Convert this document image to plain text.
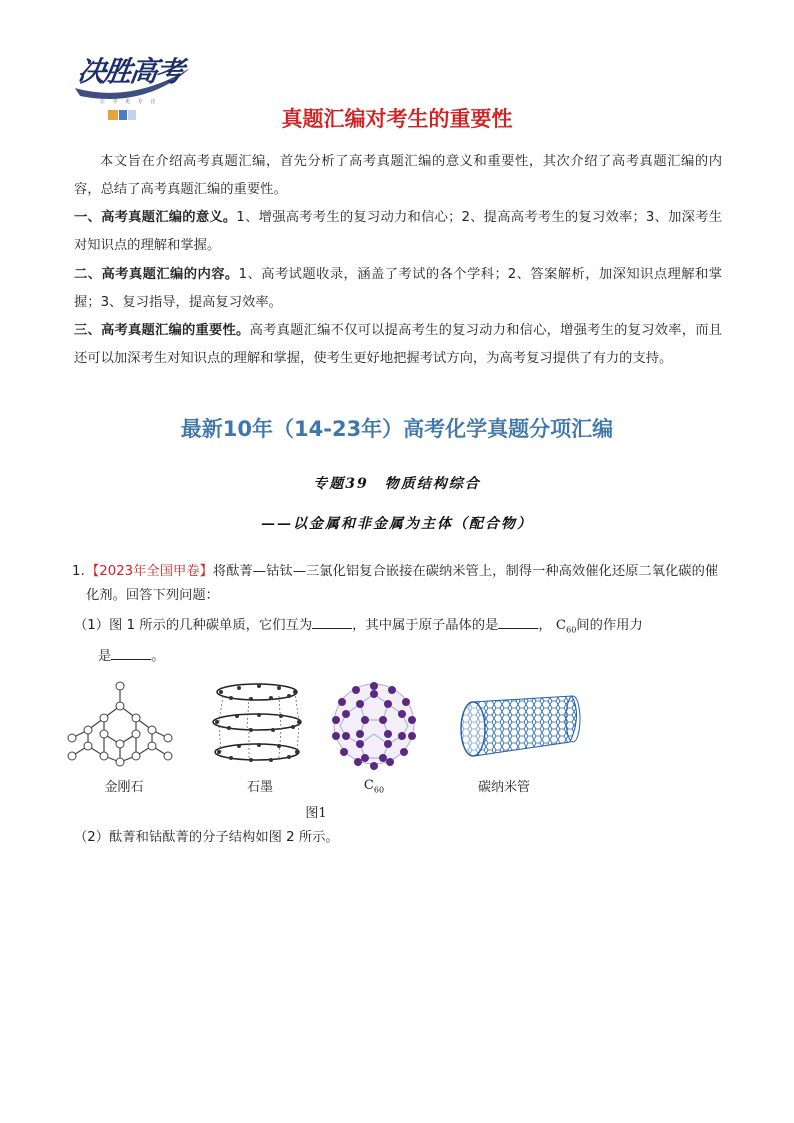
决胜高考
让 学 更 专 注
真题汇编对考生的重要性
本文旨在介绍高考真题汇编，首先分析了高考真题汇编的意义和重要性，其次介绍了高考真题汇编的内容，总结了高考真题汇编的重要性。
一、高考真题汇编的意义。1、增强高考考生的复习动力和信心；2、提高高考考生的复习效率；3、加深考生对知识点的理解和掌握。
二、高考真题汇编的内容。1、高考试题收录，涵盖了考试的各个学科；2、答案解析，加深知识点理解和掌握；3、复习指导，提高复习效率。
三、高考真题汇编的重要性。高考真题汇编不仅可以提高考生的复习动力和信心，增强考生的复习效率，而且还可以加深考生对知识点的理解和掌握，使考生更好地把握考试方向，为高考复习提供了有力的支持。
最新10年（14-23年）高考化学真题分项汇编
专题39　物质结构综合
——以金属和非金属为主体（配合物）
1. 【2023年全国甲卷】将酞菁—钴钛—三氯化铝复合嵌接在碳纳米管上，制得一种高效催化还原二氧化碳的催化剂。回答下列问题：
（1）图 1 所示的几种碳单质，它们互为	，其中属于原子晶体的是	， $C_{60}$间的作用力
是	。
金刚石	石墨	$C_{60}$	碳纳米管
图1
（2）酞菁和钴酞菁的分子结构如图 2 所示。
